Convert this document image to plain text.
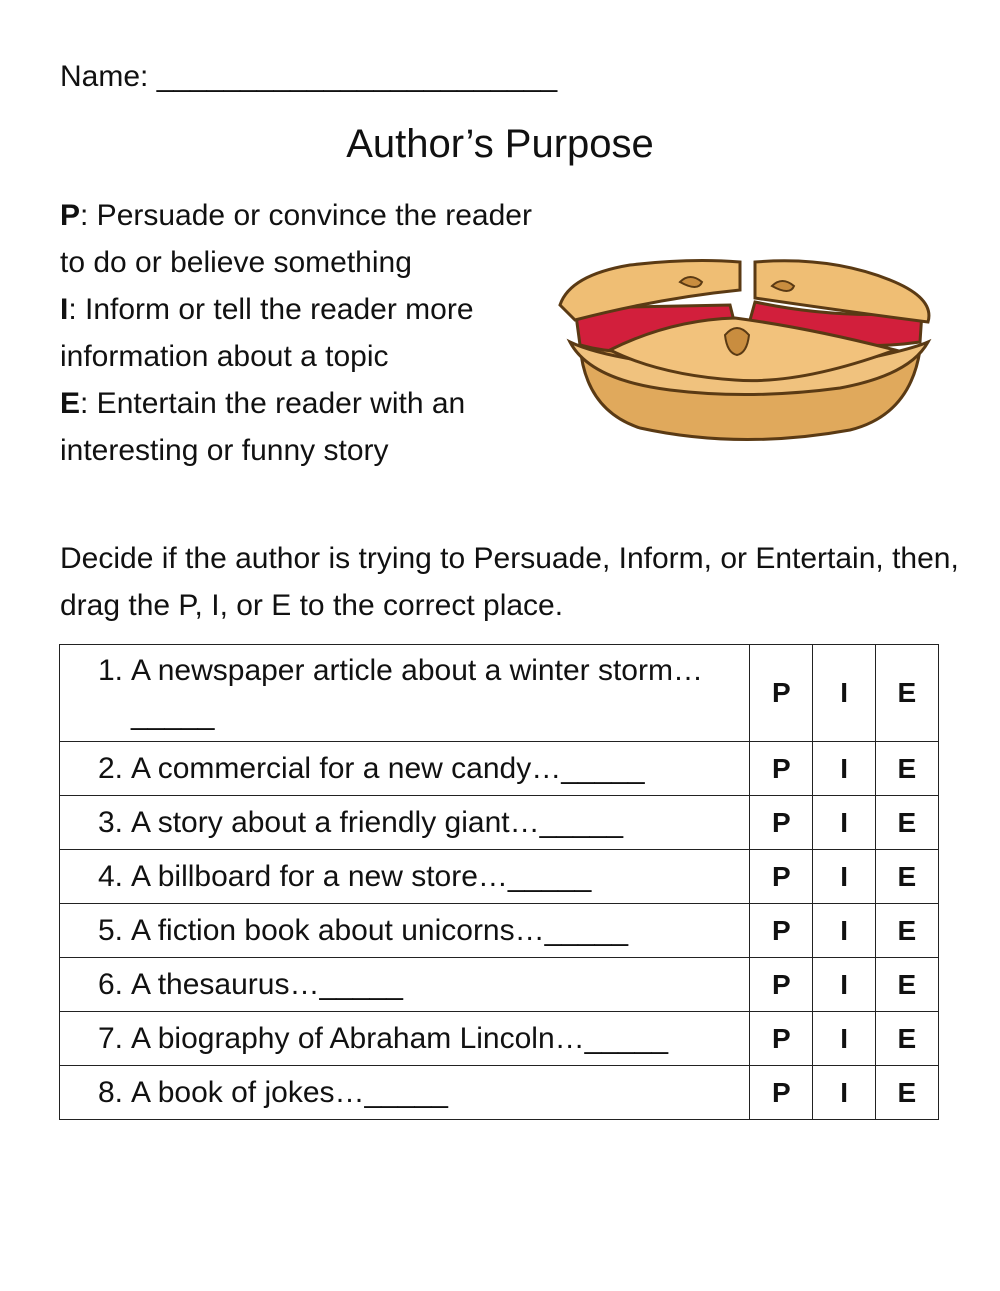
Name: ________________________
Author’s Purpose
P: Persuade or convince the reader to do or believe something
I: Inform or tell the reader more information about a topic
E: Entertain the reader with an interesting or funny story
Decide if the author is trying to Persuade, Inform, or Entertain, then, drag the P, I, or E to the correct place.
1. A newspaper article about a winter storm…_____	P	I	E

2. A commercial for a new candy…_____	P	I	E

3. A story about a friendly giant…_____	P	I	E

4. A billboard for a new store…_____	P	I	E

5. A fiction book about unicorns…_____	P	I	E

6. A thesaurus…_____	P	I	E

7. A biography of Abraham Lincoln…_____	P	I	E

8. A book of jokes…_____	P	I	E
